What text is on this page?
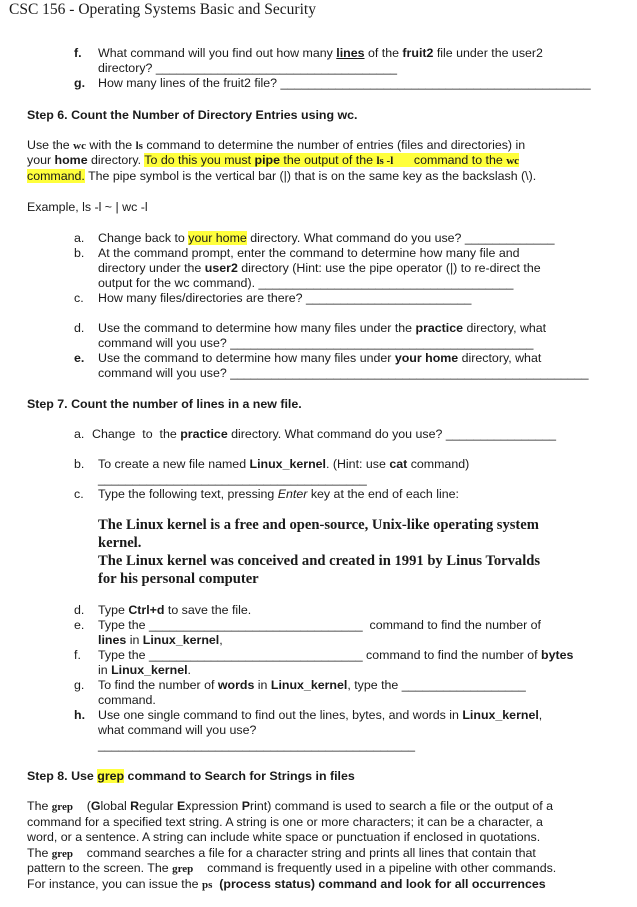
CSC 156 - Operating Systems Basic and Security
f.	What command will you find out how many lines of the fruit2 file under the user2
directory? ___________________________________
g.	How many lines of the fruit2 file? _____________________________________________
Step 6. Count the Number of Directory Entries using wc.
Use the wc with the ls command to determine the number of entries (files and directories) in
your home directory. To do this you must pipe the output of the ls -l      command to the wc
command. The pipe symbol is the vertical bar (|) that is on the same key as the backslash (\).
Example, ls -l ~ | wc -l
a.	Change back to your home directory. What command do you use? _____________
b.	At the command prompt, enter the command to determine how many file and
directory under the user2 directory (Hint: use the pipe operator (|) to re-direct the
output for the wc command). _____________________________________
c.	How many files/directories are there? ________________________
d.	Use the command to determine how many files under the practice directory, what
command will you use? ____________________________________________
e.	Use the command to determine how many files under your home directory, what
command will you use? ____________________________________________________
Step 7. Count the number of lines in a new file.
a. Change  to  the practice directory. What command do you use? ________________
b.	To create a new file named Linux_kernel. (Hint: use cat command)
_______________________________________
c.	Type the following text, pressing Enter key at the end of each line:
The Linux kernel is a free and open-source, Unix-like operating system
kernel.
The Linux kernel was conceived and created in 1991 by Linus Torvalds
for his personal computer
d.	Type Ctrl+d to save the file.
e.	Type the _______________________________  command to find the number of
lines in Linux_kernel,
f.	Type the _______________________________ command to find the number of bytes
in Linux_kernel.
g.	To find the number of words in Linux_kernel, type the __________________
command.
h.	Use one single command to find out the lines, bytes, and words in Linux_kernel,
what command will you use?
______________________________________________
Step 8. Use grep command to Search for Strings in files
The grep    (Global Regular Expression Print) command is used to search a file or the output of a
command for a specified text string. A string is one or more characters; it can be a character, a
word, or a sentence. A string can include white space or punctuation if enclosed in quotations.
The grep    command searches a file for a character string and prints all lines that contain that
pattern to the screen. The grep    command is frequently used in a pipeline with other commands.
For instance, you can issue the ps  (process status) command and look for all occurrences
